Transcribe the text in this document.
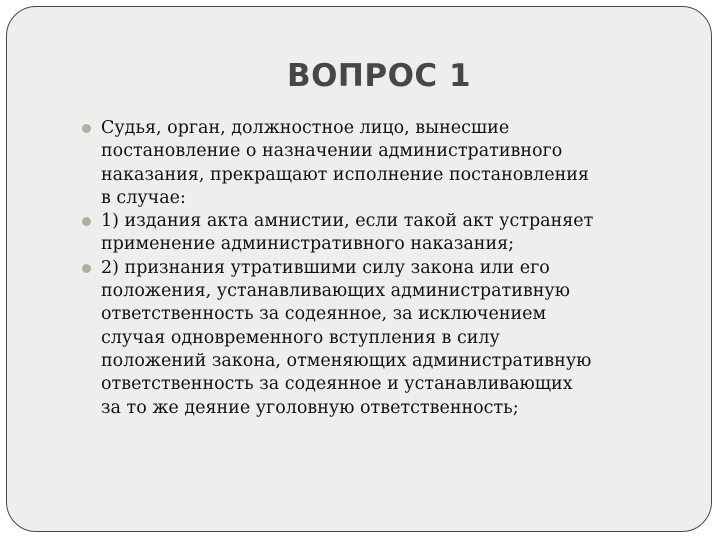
ВОПРОС 1
Судья, орган, должностное лицо, вынесшие
постановление о назначении административного
наказания, прекращают исполнение постановления
в случае:
1) издания акта амнистии, если такой акт устраняет
применение административного наказания;
2) признания утратившими силу закона или его
положения, устанавливающих административную
ответственность за содеянное, за исключением
случая одновременного вступления в силу
положений закона, отменяющих административную
ответственность за содеянное и устанавливающих
за то же деяние уголовную ответственность;
